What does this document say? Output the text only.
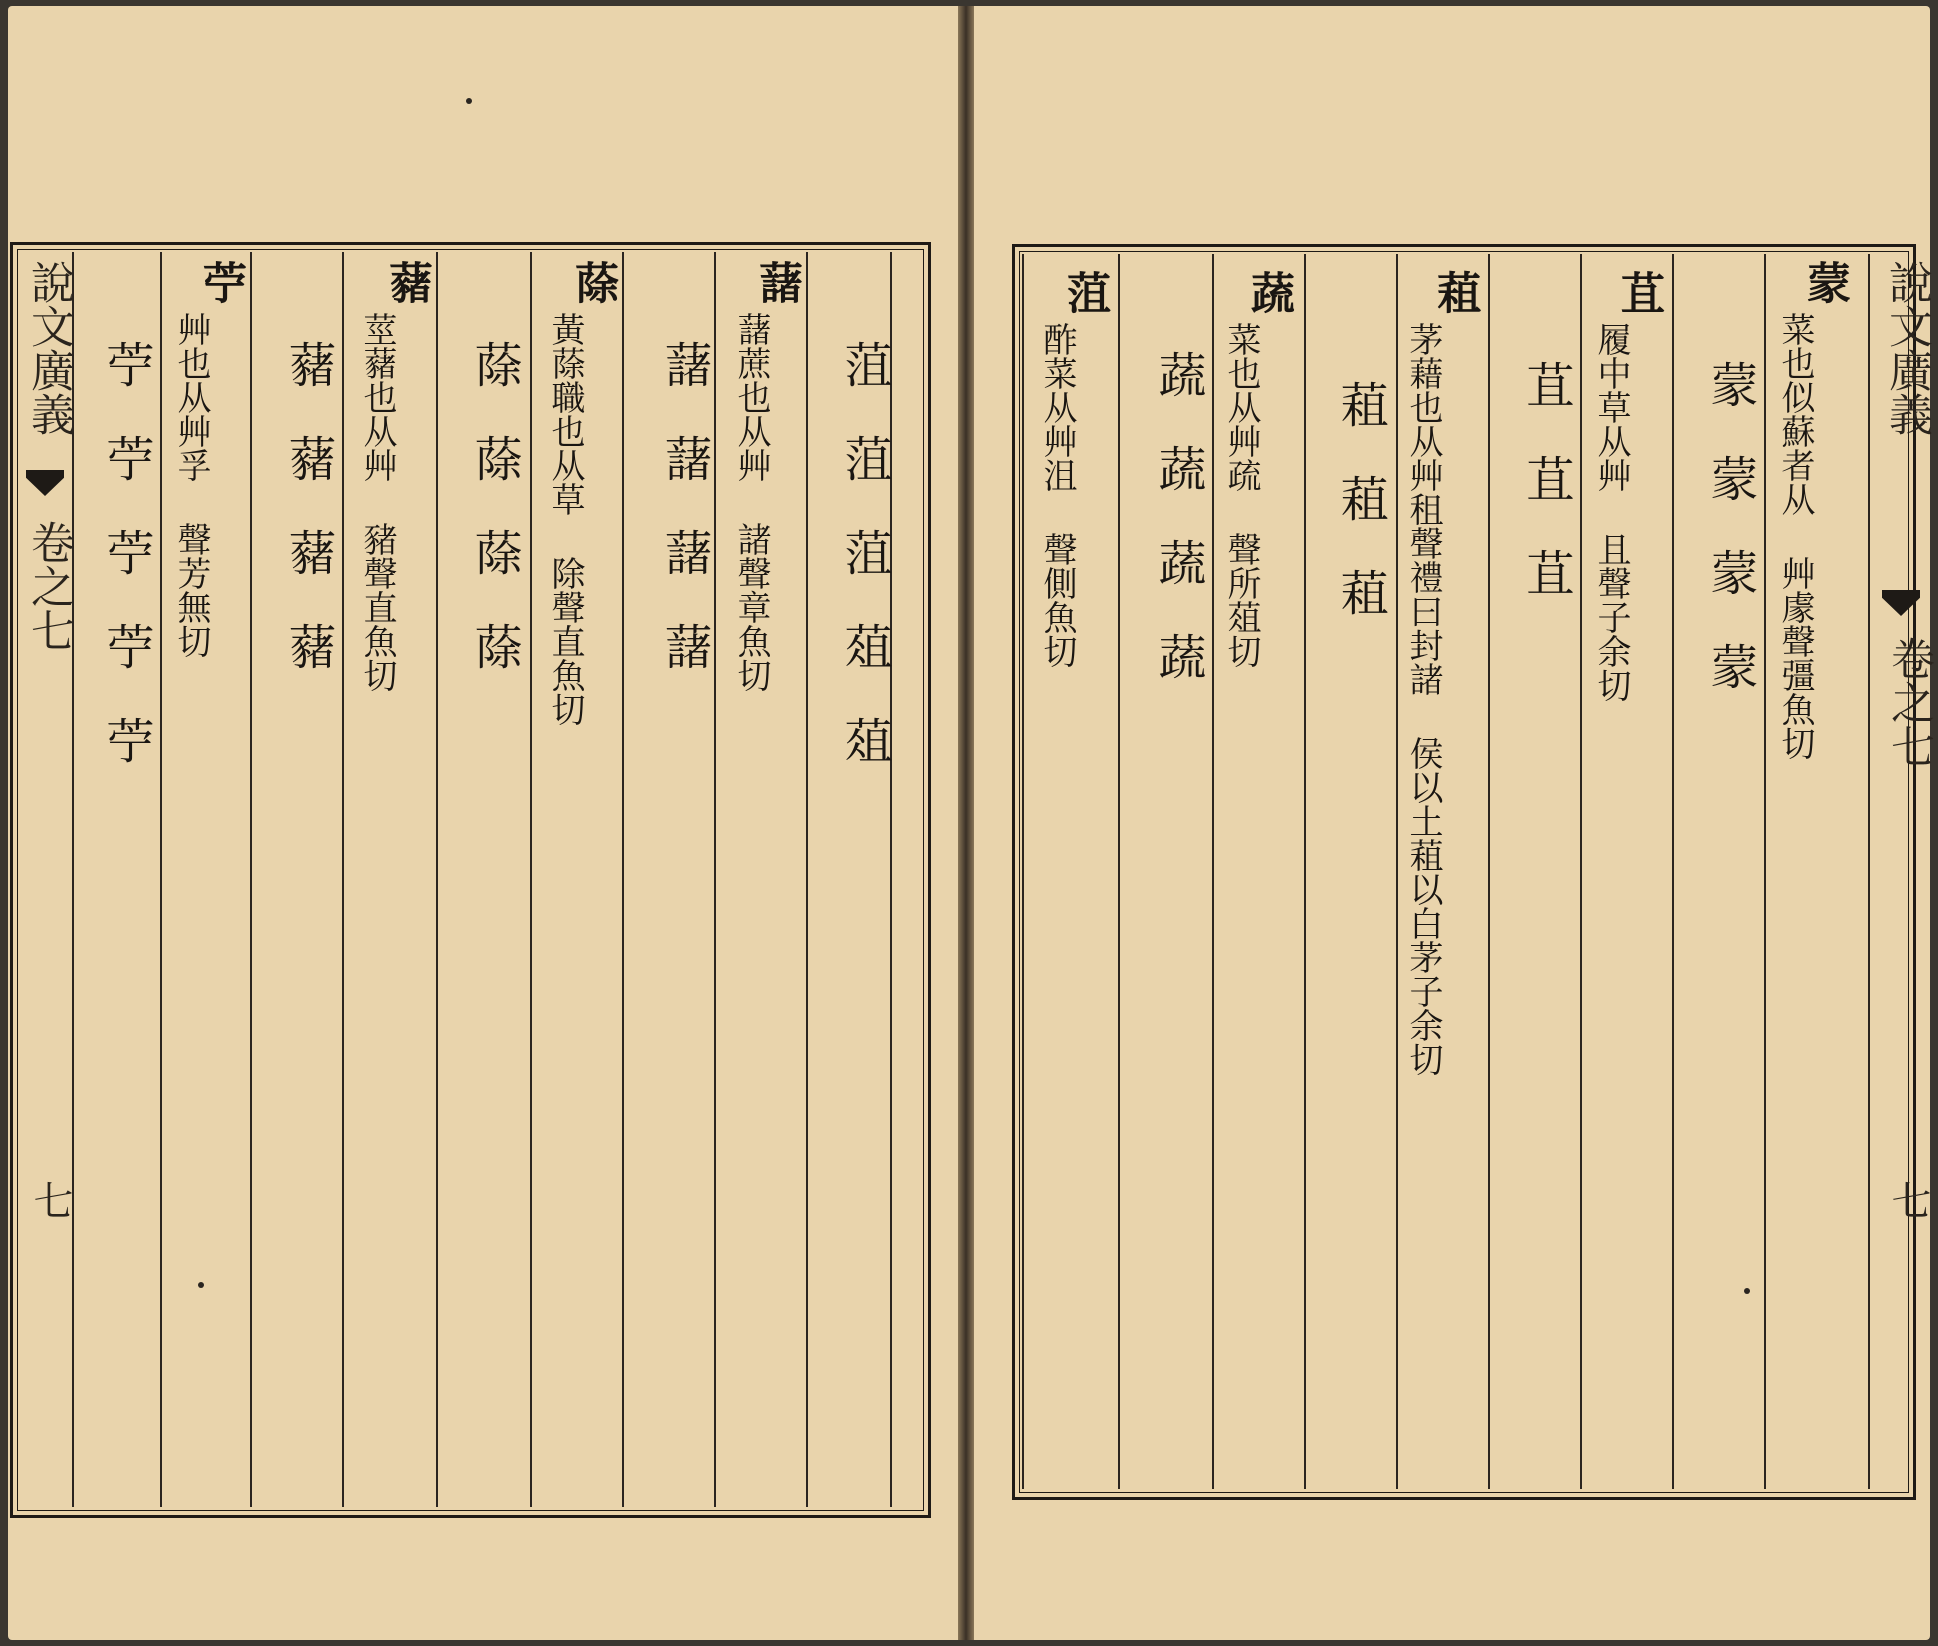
說文廣義
卷之七
七
菹菹菹葅葅
藷
藷蔗也从艸 諸聲章魚切
藷藷藷藷
蒢
黃蒢職也从草 除聲直魚切
蒢蒢蒢蒢
藸
莖藸也从艸 豬聲直魚切
藸藸藸藸
苧
艸也从艸孚 聲芳無切
苧苧苧苧苧	說文廣義
卷之七
七
蒙
菜也似蘇者从 艸豦聲彊魚切
蒙蒙蒙蒙
苴
履中草从艸 且聲子余切
苴苴苴
蒩
茅藉也从艸租聲禮曰封諸 侯以土蒩以白茅子余切
蒩蒩蒩
蔬
菜也从艸疏 聲所葅切
蔬蔬蔬蔬
菹
酢菜从艸沮 聲側魚切
